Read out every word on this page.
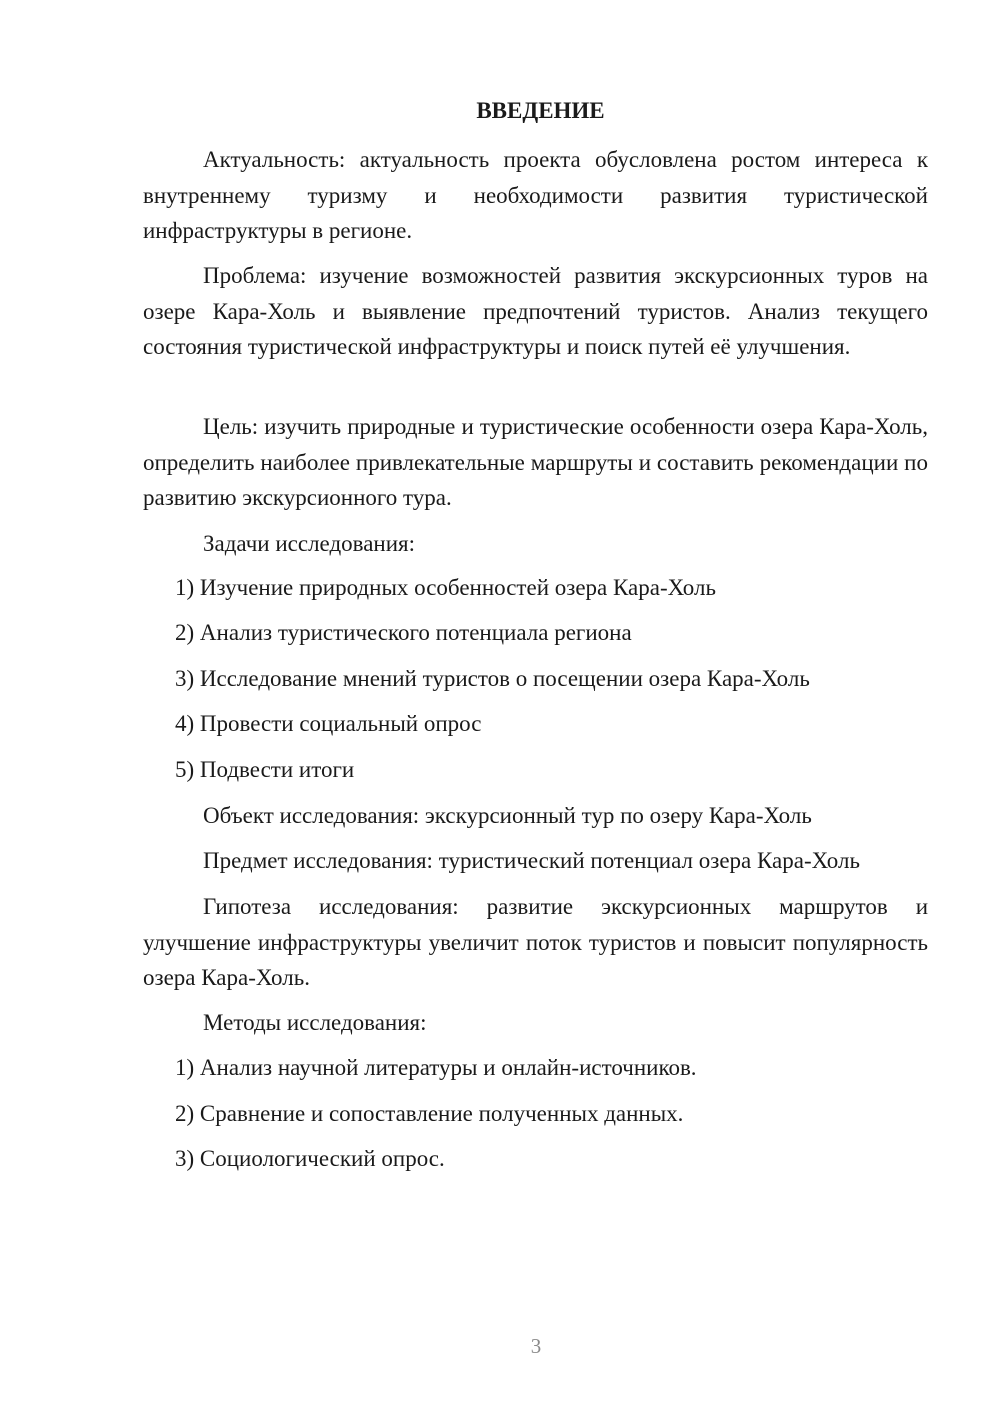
ВВЕДЕНИЕ

Актуальность: актуальность проекта обусловлена ростом интереса к внутреннему туризму и необходимости развития туристической инфраструктуры в регионе.

Проблема: изучение возможностей развития экскурсионных туров на озере Кара-Холь и выявление предпочтений туристов. Анализ текущего состояния туристической инфраструктуры и поиск путей её улучшения.

Цель: изучить природные и туристические особенности озера Кара-Холь, определить наиболее привлекательные маршруты и составить рекомендации по развитию экскурсионного тура.

Задачи исследования:
1) Изучение природных особенностей озера Кара-Холь
2) Анализ туристического потенциала региона
3) Исследование мнений туристов о посещении озера Кара-Холь
4) Провести социальный опрос
5) Подвести итоги
Объект исследования: экскурсионный тур по озеру Кара-Холь
Предмет исследования: туристический потенциал озера Кара-Холь

Гипотеза исследования: развитие экскурсионных маршрутов и улучшение инфраструктуры увеличит поток туристов и повысит популярность озера Кара-Холь.

Методы исследования:
1) Анализ научной литературы и онлайн-источников.
2) Сравнение и сопоставление полученных данных.
3) Социологический опрос.
3
